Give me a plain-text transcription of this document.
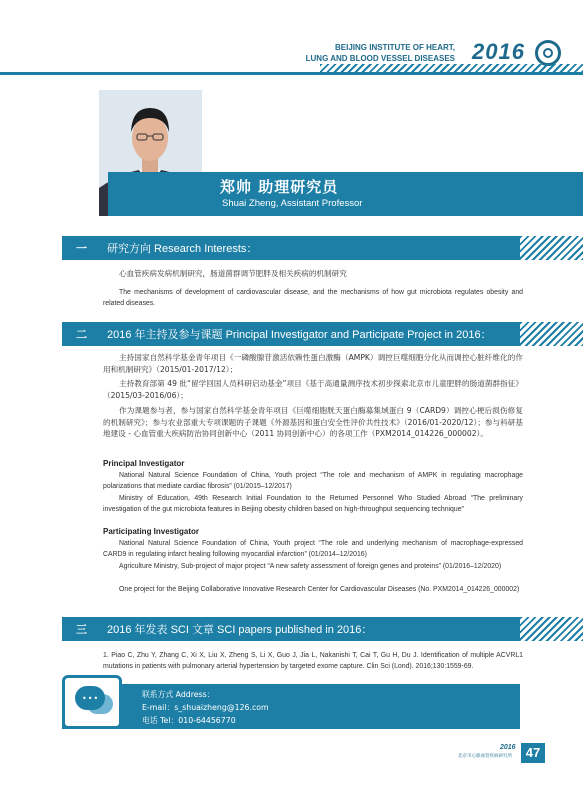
BEIJING INSTITUTE OF HEART,
LUNG AND BLOOD VESSEL DISEASES 2016
郑帅 助理研究员
Shuai Zheng, Assistant Professor
一 研究方向 Research Interests：
心血管疾病发病机制研究，肠道菌群调节肥胖及相关疾病的机制研究
The mechanisms of development of cardiovascular disease, and the mechanisms of how gut microbiota regulates obesity and related diseases.
二 2016 年主持及参与课题 Principal Investigator and Participate Project in 2016：
主持国家自然科学基金青年项目《一磷酸腺苷激活依赖性蛋白激酶（AMPK）调控巨噬细胞分化从而调控心脏纤维化的作用和机制研究》（2015/01-2017/12）；
主持教育部第 49 批“留学回国人员科研启动基金”项目《基于高通量测序技术初步探索北京市儿童肥胖的肠道菌群指征》（2015/03-2016/06）；
作为课题参与者，参与国家自然科学基金青年项目《巨噬细胞胱天蛋白酶募集域蛋白 9（CARD9）调控心梗后损伤修复的机制研究》；参与农业部重大专项课题的子课题《外源基因和蛋白安全性评价共性技术》（2016/01-2020/12）；参与科研基地建设 - 心血管重大疾病防治协同创新中心（2011 协同创新中心）的各项工作（PXM2014_014226_000002）。
Principal Investigator
National Natural Science Foundation of China, Youth project “The role and mechanism of AMPK in regulating macrophage polarizations that mediate cardiac fibrosis” (01/2015–12/2017)
Ministry of Education, 49th Research Initial Foundation to the Returned Personnel Who Studied Abroad “The preliminary investigation of the gut microbiota features in Beijing obesity children based on high-throughput sequencing technique”
Participating Investigator
National Natural Science Foundation of China, Youth project “The role and underlying mechanism of macrophage-expressed CARD9 in regulating infarct healing following myocardial infarction” (01/2014–12/2016)
Agriculture Ministry, Sub-project of major project “A new safety assessment of foreign genes and proteins” (01/2016–12/2020)
One project for the Beijing Collaborative Innovative Research Center for Cardiovascular Diseases (No. PXM2014_014226_000002)
三 2016 年发表 SCI 文章 SCI papers published in 2016：
1. Piao C, Zhu Y, Zhang C, Xi X, Liu X, Zheng S, Li X, Guo J, Jia L, Nakanishi T, Cai T, Gu H, Du J. Identification of multiple ACVRL1 mutations in patients with pulmonary arterial hypertension by targeted exome capture. Clin Sci (Lond). 2016;130:1559-69.
联系方式 Address：
E-mail：s_shuaizheng@126.com
电话 Tel：010-64456770
•••
2016
北京市心肺血管疾病研究所	47
